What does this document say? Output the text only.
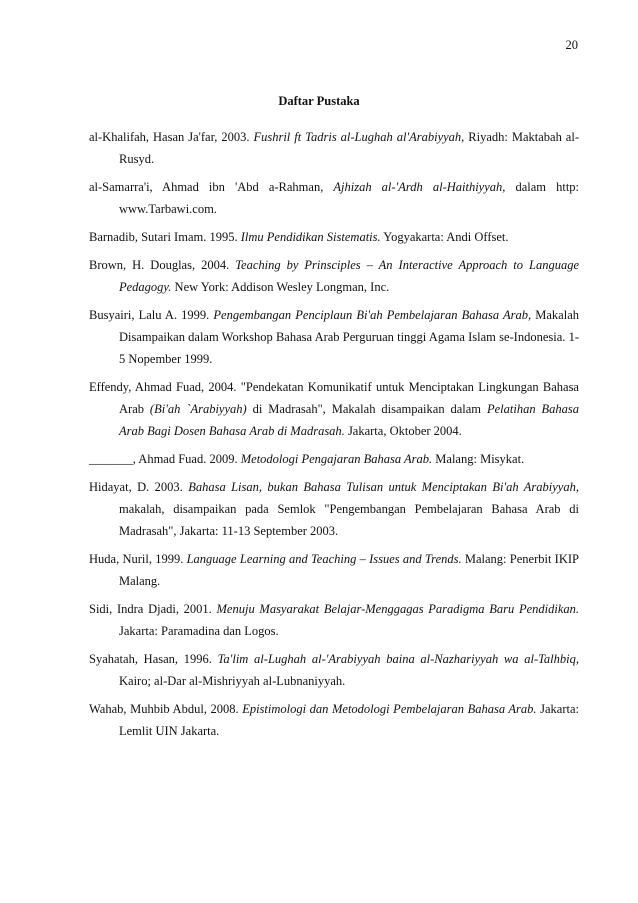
20
Daftar Pustaka
al-Khalifah, Hasan Ja'far, 2003. Fushril ft Tadris al-Lughah al'Arabiyyah, Riyadh: Maktabah al-Rusyd.
al-Samarra'i, Ahmad ibn 'Abd a-Rahman, Ajhizah al-'Ardh al-Haithiyyah, dalam http: www.Tarbawi.com.
Barnadib, Sutari Imam. 1995. Ilmu Pendidikan Sistematis. Yogyakarta: Andi Offset.
Brown, H. Douglas, 2004. Teaching by Prinsciples – An Interactive Approach to Language Pedagogy. New York: Addison Wesley Longman, Inc.
Busyairi, Lalu A. 1999. Pengembangan Penciplaun Bi'ah Pembelajaran Bahasa Arab, Makalah Disampaikan dalam Workshop Bahasa Arab Perguruan tinggi Agama Islam se-Indonesia. 1-5 Nopember 1999.
Effendy, Ahmad Fuad, 2004. "Pendekatan Komunikatif untuk Menciptakan Lingkungan Bahasa Arab (Bi'ah `Arabiyyah) di Madrasah", Makalah disampaikan dalam Pelatihan Bahasa Arab Bagi Dosen Bahasa Arab di Madrasah. Jakarta, Oktober 2004.
_______, Ahmad Fuad. 2009. Metodologi Pengajaran Bahasa Arab. Malang: Misykat.
Hidayat, D. 2003. Bahasa Lisan, bukan Bahasa Tulisan untuk Menciptakan Bi'ah Arabiyyah, makalah, disampaikan pada Semlok "Pengembangan Pembelajaran Bahasa Arab di Madrasah", Jakarta: 11-13 September 2003.
Huda, Nuril, 1999. Language Learning and Teaching – Issues and Trends. Malang: Penerbit IKIP Malang.
Sidi, Indra Djadi, 2001. Menuju Masyarakat Belajar-Menggagas Paradigma Baru Pendidikan. Jakarta: Paramadina dan Logos.
Syahatah, Hasan, 1996. Ta'lim al-Lughah al-'Arabiyyah baina al-Nazhariyyah wa al-Talhbiq, Kairo; al-Dar al-Mishriyyah al-Lubnaniyyah.
Wahab, Muhbib Abdul, 2008. Epistimologi dan Metodologi Pembelajaran Bahasa Arab. Jakarta: Lemlit UIN Jakarta.
